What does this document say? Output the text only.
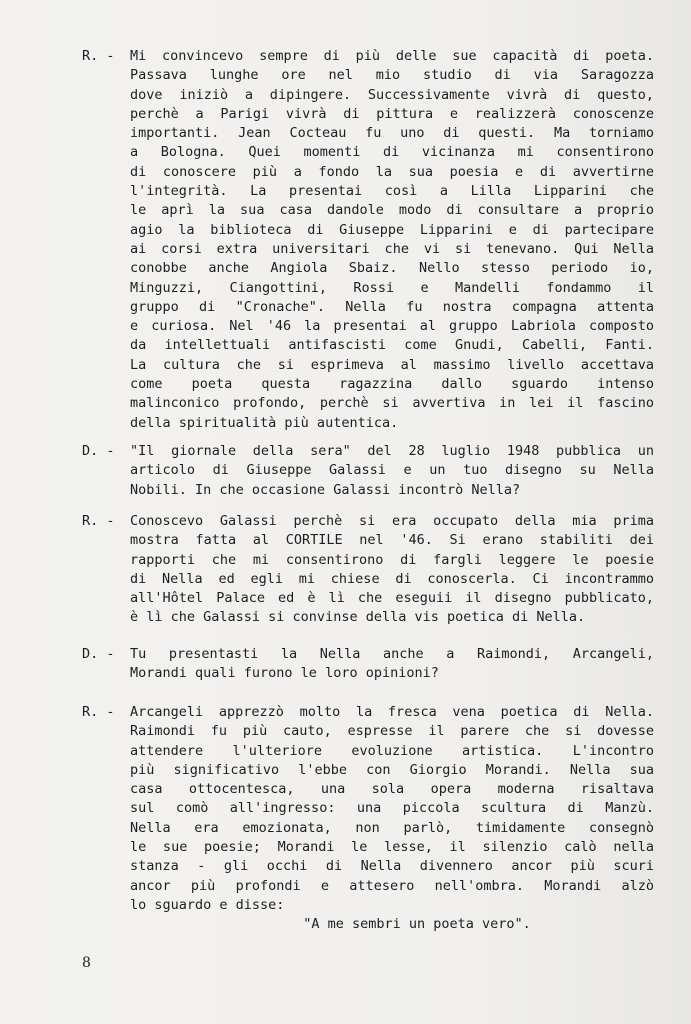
R. -	Mi convincevo sempre di più delle sue capacità di poeta.
Passava lunghe ore nel mio studio di via Saragozza
dove iniziò a dipingere. Successivamente vivrà di questo,
perchè a Parigi vivrà di pittura e realizzerà conoscenze
importanti. Jean Cocteau fu uno di questi. Ma torniamo
a Bologna. Quei momenti di vicinanza mi consentirono
di conoscere più a fondo la sua poesia e di avvertirne
l'integrità. La presentai così a Lilla Lipparini che
le aprì la sua casa dandole modo di consultare a proprio
agio la biblioteca di Giuseppe Lipparini e di partecipare
ai corsi extra universitari che vi si tenevano. Qui Nella
conobbe anche Angiola Sbaiz. Nello stesso periodo io,
Minguzzi, Ciangottini, Rossi e Mandelli fondammo il
gruppo di "Cronache". Nella fu nostra compagna attenta
e curiosa. Nel '46 la presentai al gruppo Labriola composto
da intellettuali antifascisti come Gnudi, Cabelli, Fanti.
La cultura che si esprimeva al massimo livello accettava
come poeta questa ragazzina dallo sguardo intenso
malinconico profondo, perchè si avvertiva in lei il fascino
della spiritualità più autentica.
D. -	"Il giornale della sera" del 28 luglio 1948 pubblica un
articolo di Giuseppe Galassi e un tuo disegno su Nella
Nobili. In che occasione Galassi incontrò Nella?
R. -	Conoscevo Galassi perchè si era occupato della mia prima
mostra fatta al CORTILE nel '46. Si erano stabiliti dei
rapporti che mi consentirono di fargli leggere le poesie
di Nella ed egli mi chiese di conoscerla. Ci incontrammo
all'Hôtel Palace ed è lì che eseguii il disegno pubblicato,
è lì che Galassi si convinse della vis poetica di Nella.
D. -	Tu presentasti la Nella anche a Raimondi, Arcangeli,
Morandi quali furono le loro opinioni?
R. -	Arcangeli apprezzò molto la fresca vena poetica di Nella.
Raimondi fu più cauto, espresse il parere che si dovesse
attendere l'ulteriore evoluzione artistica. L'incontro
più significativo l'ebbe con Giorgio Morandi. Nella sua
casa ottocentesca, una sola opera moderna risaltava
sul comò all'ingresso: una piccola scultura di Manzù.
Nella era emozionata, non parlò, timidamente consegnò
le sue poesie; Morandi le lesse, il silenzio calò nella
stanza - gli occhi di Nella divennero ancor più scuri
ancor più profondi e attesero nell'ombra. Morandi alzò
lo sguardo e disse:
"A me sembri un poeta vero".
8
